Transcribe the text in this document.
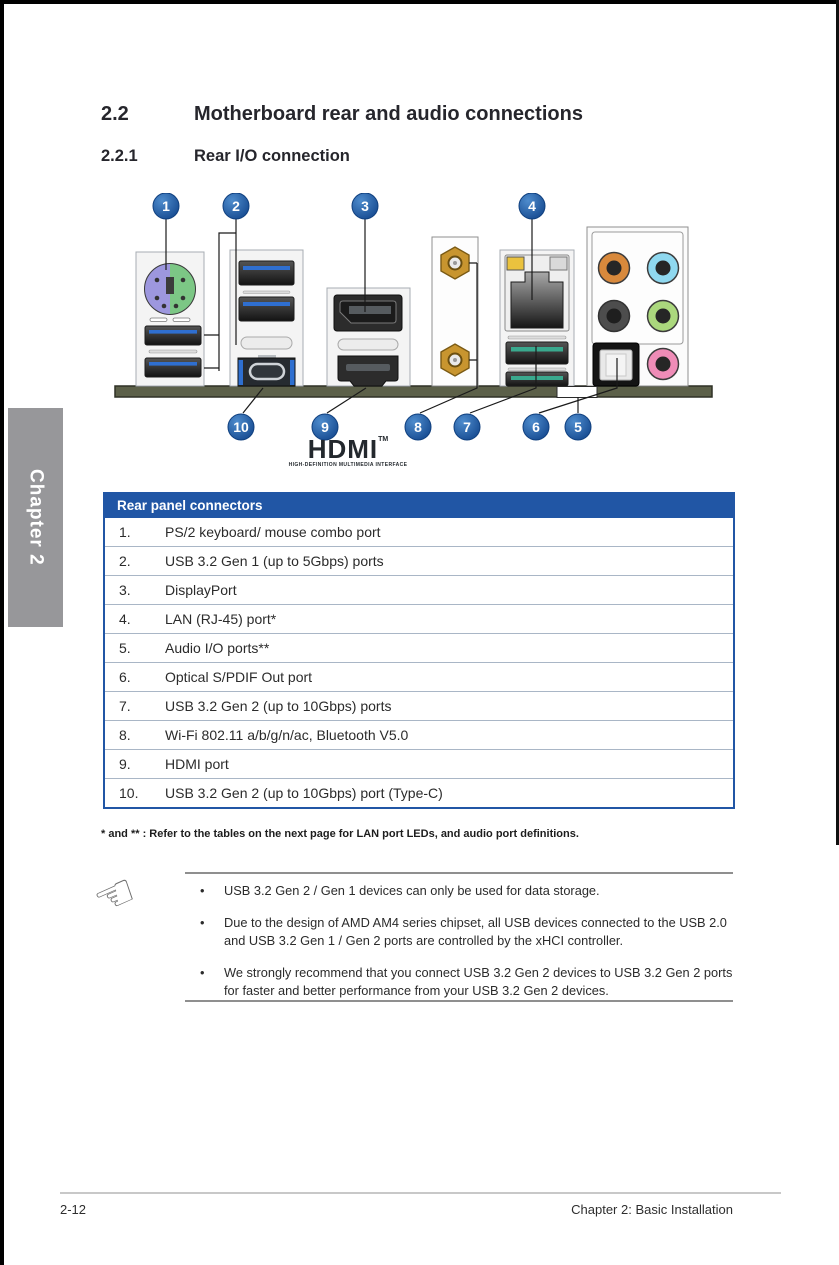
Chapter 2
2.2	Motherboard rear and audio connections
2.2.1	Rear I/O connection
1	2	3	4
10	9	8	7	6 5
HDMI™
HIGH-DEFINITION MULTIMEDIA INTERFACE
Rear panel connectors
1.	PS/2 keyboard/ mouse combo port
2.	USB 3.2 Gen 1 (up to 5Gbps) ports
3.	DisplayPort
4.	LAN (RJ-45) port*
5.	Audio I/O ports**
6.	Optical S/PDIF Out port
7.	USB 3.2 Gen 2 (up to 10Gbps) ports
8.	Wi-Fi 802.11 a/b/g/n/ac, Bluetooth V5.0
9.	HDMI port
10.	USB 3.2 Gen 2 (up to 10Gbps) port (Type-C)
* and ** : Refer to the tables on the next page for LAN port LEDs, and audio port definitions.
☜	• USB 3.2 Gen 2 / Gen 1 devices can only be used for data storage.
• Due to the design of AMD AM4 series chipset, all USB devices connected to the USB 2.0 and USB 3.2 Gen 1 / Gen 2 ports are controlled by the xHCI controller.
• We strongly recommend that you connect USB 3.2 Gen 2 devices to USB 3.2 Gen 2 ports for faster and better performance from your USB 3.2 Gen 2 devices.
2-12	Chapter 2: Basic Installation
